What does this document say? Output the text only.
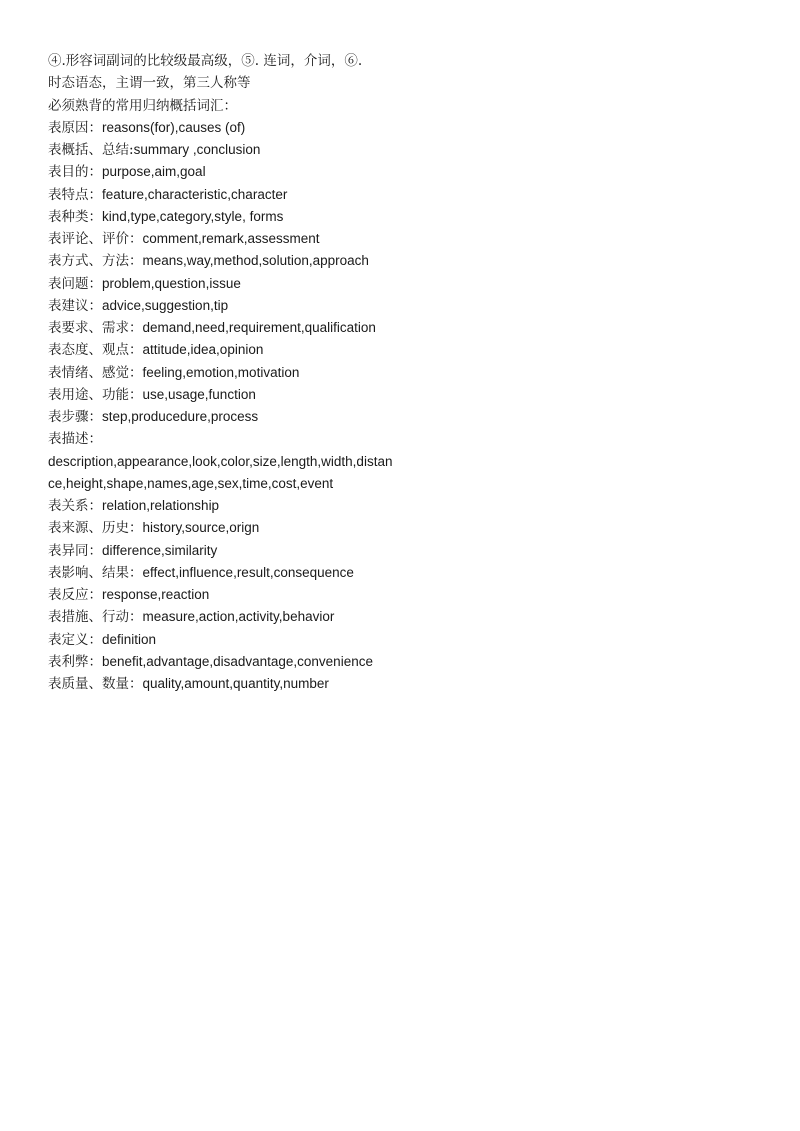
④.形容词副词的比较级最高级，⑤. 连词，介词，⑥.
时态语态，主谓一致，第三人称等
必须熟背的常用归纳概括词汇：
表原因：reasons(for),causes (of)
表概括、总结:summary ,conclusion
表目的：purpose,aim,goal
表特点：feature,characteristic,character
表种类：kind,type,category,style, forms
表评论、评价：comment,remark,assessment
表方式、方法：means,way,method,solution,approach
表问题：problem,question,issue
表建议：advice,suggestion,tip
表要求、需求：demand,need,requirement,qualification
表态度、观点：attitude,idea,opinion
表情绪、感觉：feeling,emotion,motivation
表用途、功能：use,usage,function
表步骤：step,producedure,process
表描述：
description,appearance,look,color,size,length,width,distance,height,shape,names,age,sex,time,cost,event
表关系：relation,relationship
表来源、历史：history,source,orign
表异同：difference,similarity
表影响、结果：effect,influence,result,consequence
表反应：response,reaction
表措施、行动：measure,action,activity,behavior
表定义：definition
表利弊：benefit,advantage,disadvantage,convenience
表质量、数量：quality,amount,quantity,number
